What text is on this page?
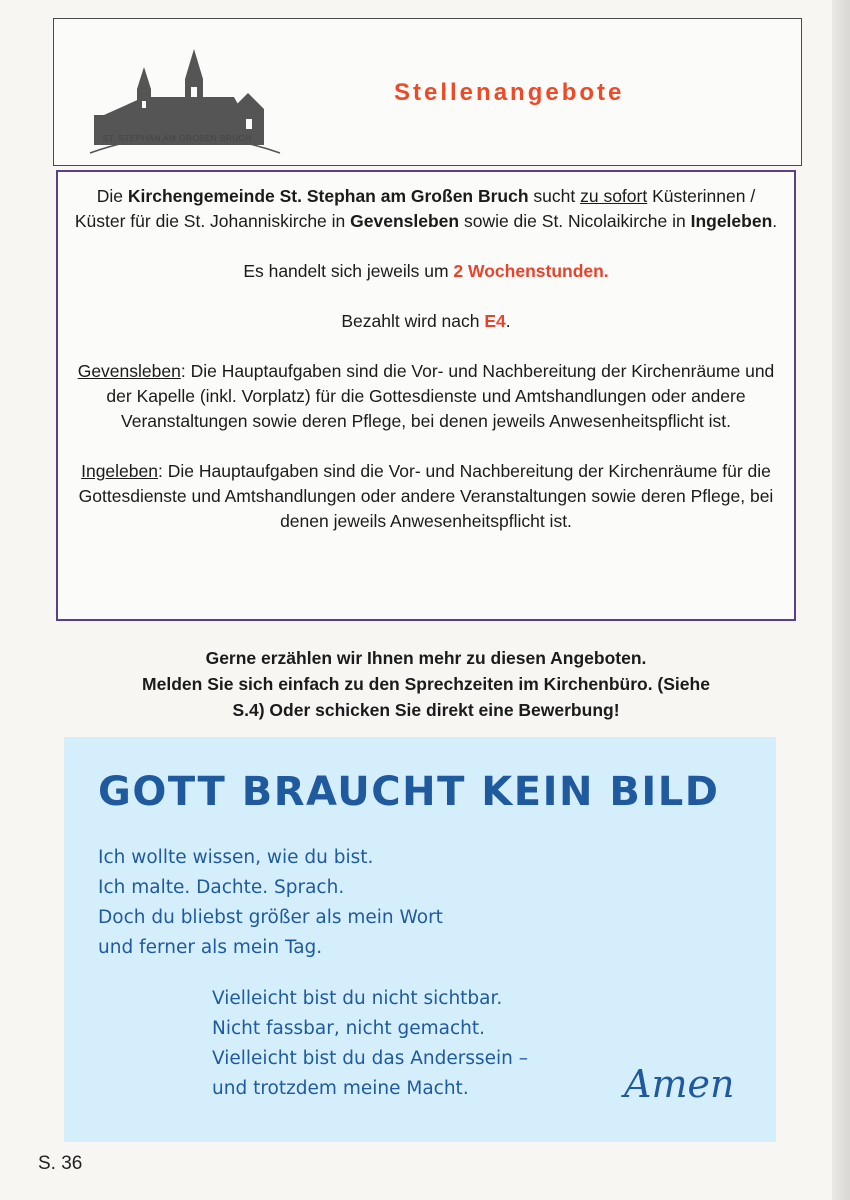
ST. STEPHAN AM GROßEN BRUCH
Stellenangebote

Die Kirchengemeinde St. Stephan am Großen Bruch sucht zu sofort Küsterinnen / Küster für die St. Johanniskirche in Gevensleben sowie die St. Nicolaikirche in Ingeleben.

Es handelt sich jeweils um 2 Wochenstunden.

Bezahlt wird nach E4.

Gevensleben: Die Hauptaufgaben sind die Vor- und Nachbereitung der Kirchenräume und der Kapelle (inkl. Vorplatz) für die Gottesdienste und Amtshandlungen oder andere Veranstaltungen sowie deren Pflege, bei denen jeweils Anwesenheitspflicht ist.

Ingeleben: Die Hauptaufgaben sind die Vor- und Nachbereitung der Kirchenräume für die Gottesdienste und Amtshandlungen oder andere Veranstaltungen sowie deren Pflege, bei denen jeweils Anwesenheitspflicht ist.

Gerne erzählen wir Ihnen mehr zu diesen Angeboten.
Melden Sie sich einfach zu den Sprechzeiten im Kirchenbüro. (Siehe
S.4) Oder schicken Sie direkt eine Bewerbung!
GOTT BRAUCHT KEIN BILD
Ich wollte wissen, wie du bist.
Ich malte. Dachte. Sprach.
Doch du bliebst größer als mein Wort
und ferner als mein Tag.
Vielleicht bist du nicht sichtbar.
Nicht fassbar, nicht gemacht.
Vielleicht bist du das Anderssein –
und trotzdem meine Macht.	Amen
S. 36
